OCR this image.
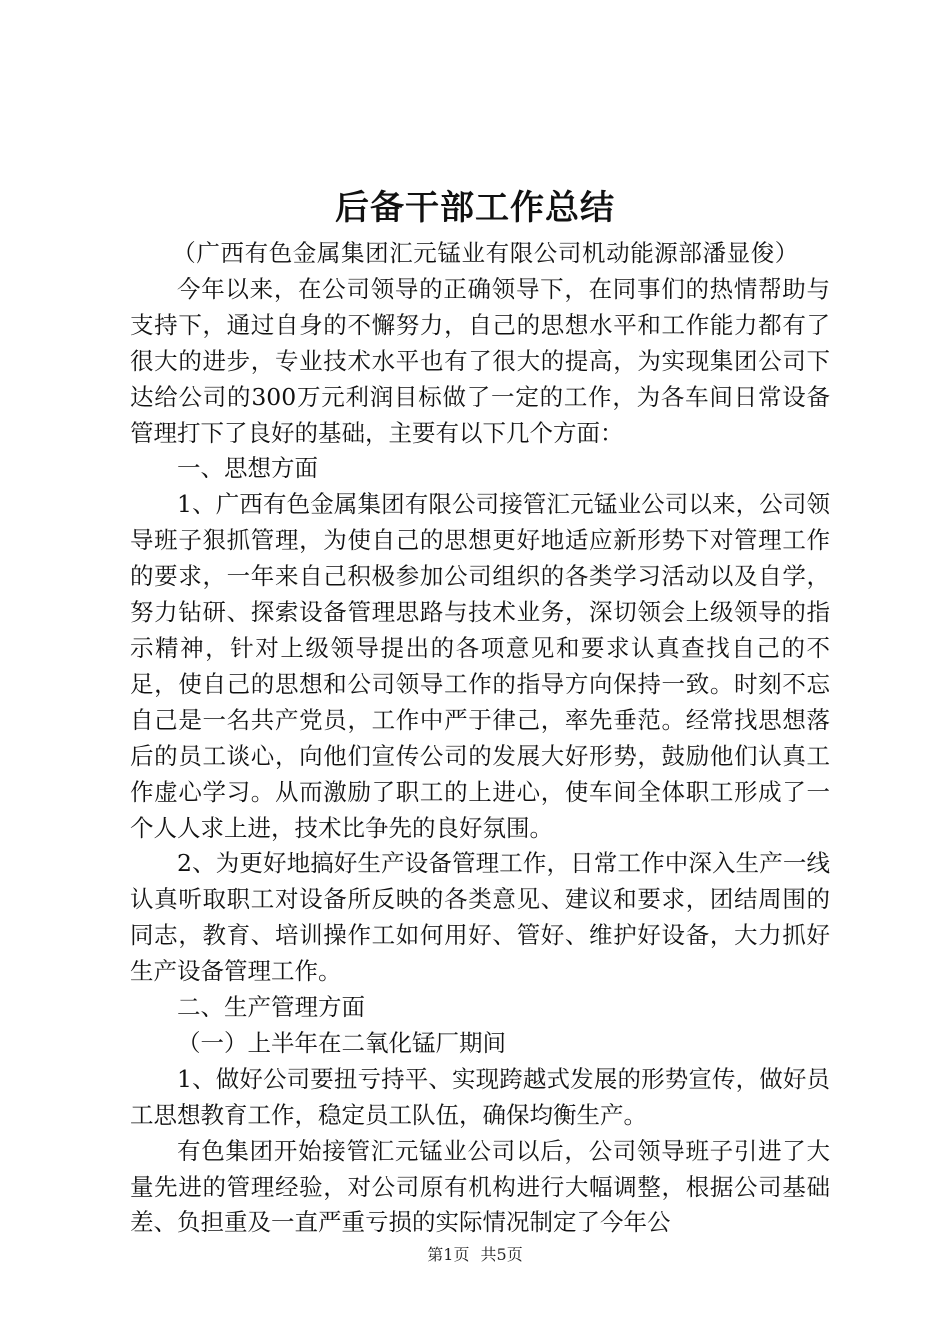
后备干部工作总结

（广西有色金属集团汇元锰业有限公司机动能源部潘显俊）

今年以来，在公司领导的正确领导下，在同事们的热情帮助与支持下，通过自身的不懈努力，自己的思想水平和工作能力都有了很大的进步，专业技术水平也有了很大的提高，为实现集团公司下达给公司的300万元利润目标做了一定的工作，为各车间日常设备管理打下了良好的基础，主要有以下几个方面：

一、思想方面

1、广西有色金属集团有限公司接管汇元锰业公司以来，公司领导班子狠抓管理，为使自己的思想更好地适应新形势下对管理工作的要求，一年来自己积极参加公司组织的各类学习活动以及自学，努力钻研、探索设备管理思路与技术业务，深切领会上级领导的指示精神，针对上级领导提出的各项意见和要求认真查找自己的不足，使自己的思想和公司领导工作的指导方向保持一致。时刻不忘自己是一名共产党员，工作中严于律己，率先垂范。经常找思想落后的员工谈心，向他们宣传公司的发展大好形势，鼓励他们认真工作虚心学习。从而激励了职工的上进心，使车间全体职工形成了一个人人求上进，技术比争先的良好氛围。

2、为更好地搞好生产设备管理工作，日常工作中深入生产一线认真听取职工对设备所反映的各类意见、建议和要求，团结周围的同志，教育、培训操作工如何用好、管好、维护好设备，大力抓好生产设备管理工作。

二、生产管理方面

（一）上半年在二氧化锰厂期间

1、做好公司要扭亏持平、实现跨越式发展的形势宣传，做好员工思想教育工作，稳定员工队伍，确保均衡生产。

有色集团开始接管汇元锰业公司以后，公司领导班子引进了大量先进的管理经验，对公司原有机构进行大幅调整，根据公司基础差、负担重及一直严重亏损的实际情况制定了今年公

第1页 共5页
